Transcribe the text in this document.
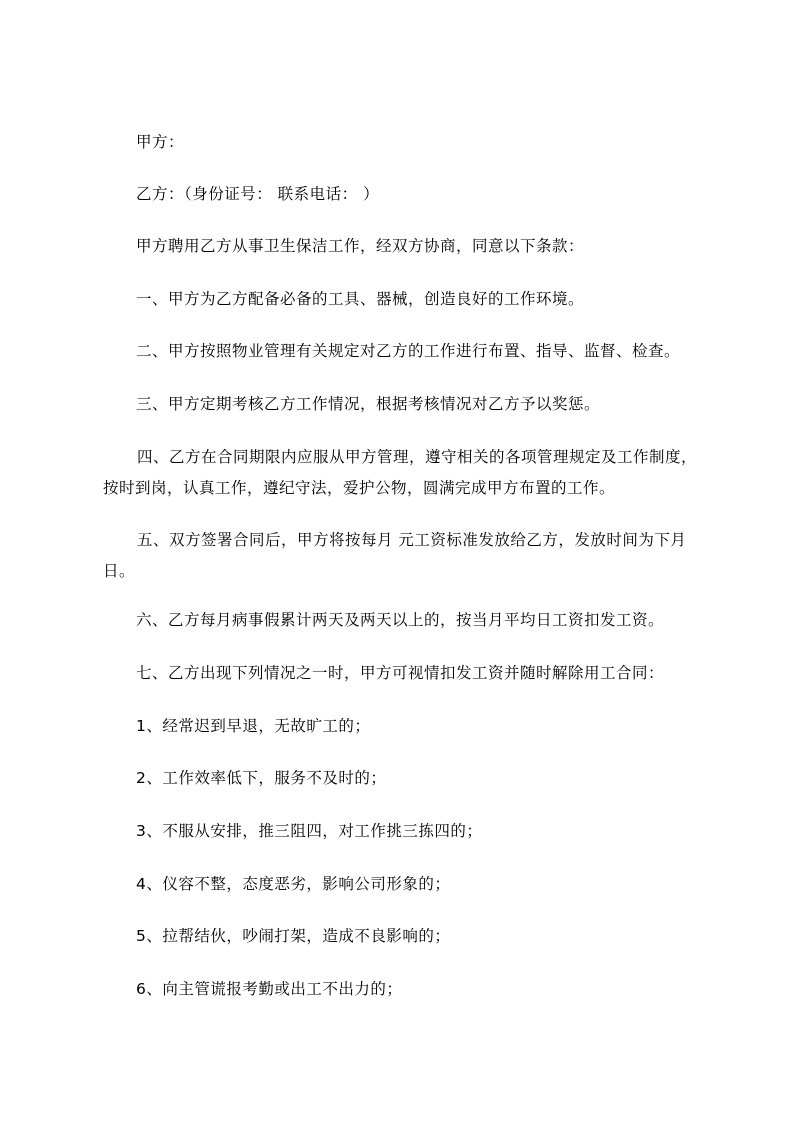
甲方：

乙方：（身份证号： 联系电话： ）

甲方聘用乙方从事卫生保洁工作，经双方协商，同意以下条款：

一、甲方为乙方配备必备的工具、器械，创造良好的工作环境。

二、甲方按照物业管理有关规定对乙方的工作进行布置、指导、监督、检查。

三、甲方定期考核乙方工作情况，根据考核情况对乙方予以奖惩。

四、乙方在合同期限内应服从甲方管理，遵守相关的各项管理规定及工作制度，按时到岗，认真工作，遵纪守法，爱护公物，圆满完成甲方布置的工作。

五、双方签署合同后，甲方将按每月 元工资标准发放给乙方，发放时间为下月 日。

六、乙方每月病事假累计两天及两天以上的，按当月平均日工资扣发工资。

七、乙方出现下列情况之一时，甲方可视情扣发工资并随时解除用工合同：

1、经常迟到早退，无故旷工的；

2、工作效率低下，服务不及时的；

3、不服从安排，推三阻四，对工作挑三拣四的；

4、仪容不整，态度恶劣，影响公司形象的；

5、拉帮结伙，吵闹打架，造成不良影响的；

6、向主管谎报考勤或出工不出力的；
